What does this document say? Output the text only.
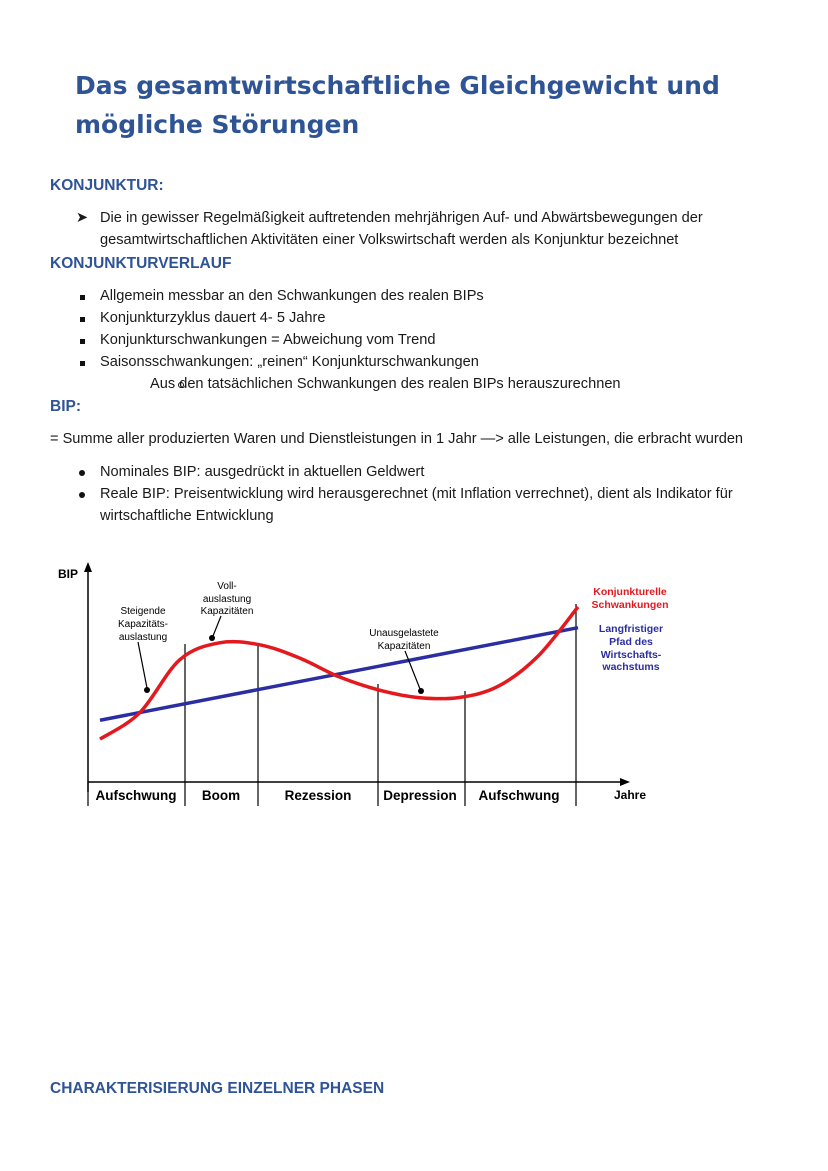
Das gesamtwirtschaftliche Gleichgewicht und mögliche Störungen
KONJUNKTUR:
➤ Die in gewisser Regelmäßigkeit auftretenden mehrjährigen Auf- und Abwärtsbewegungen der gesamtwirtschaftlichen Aktivitäten einer Volkswirtschaft werden als Konjunktur bezeichnet
KONJUNKTURVERLAUF
Allgemein messbar an den Schwankungen des realen BIPs
Konjunkturzyklus dauert 4- 5 Jahre
Konjunkturschwankungen = Abweichung vom Trend
Saisonsschwankungen: „reinen“ Konjunkturschwankungen
Aus den tatsächlichen Schwankungen des realen BIPs herauszurechnen
BIP:
= Summe aller produzierten Waren und Dienstleistungen in 1 Jahr —> alle Leistungen, die erbracht wurden
Nominales BIP: ausgedrückt in aktuellen Geldwert
Reale BIP: Preisentwicklung wird herausgerechnet (mit Inflation verrechnet), dient als Indikator für wirtschaftliche Entwicklung
BIP
Jahre
Aufschwung Boom	Rezession Depression Aufschwung
Steigende Kapazitäts-auslastung
Voll-auslastung Kapazitäten
Unausgelastete Kapazitäten
Konjunkturelle Schwankungen
Langfristiger Pfad des Wirtschafts-wachstums
CHARAKTERISIERUNG EINZELNER PHASEN
